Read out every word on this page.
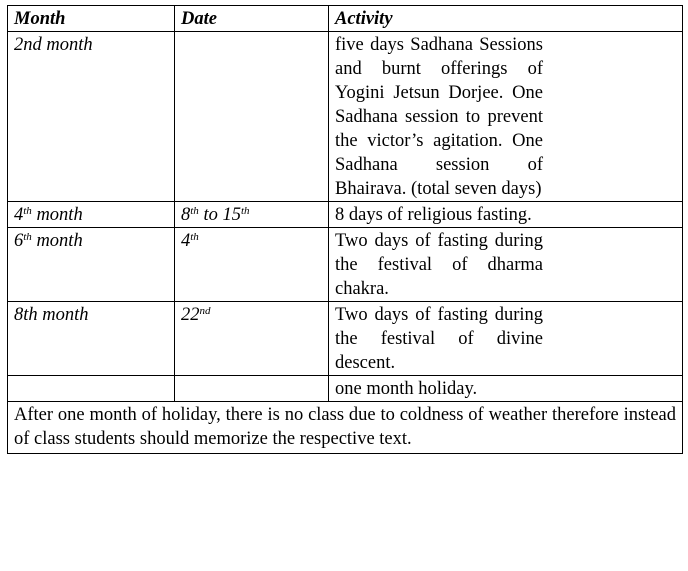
Month	Date	Activity
2nd month		five days Sadhana Sessions and burnt offerings of Yogini Jetsun Dorjee. One Sadhana session to prevent the victor’s agitation. One Sadhana session of Bhairava. (total seven days)

4th month	8th to 15th	8 days of religious fasting.

6th month	4th	Two days of fasting during the festival of dharma chakra.

8th month	22nd	Two days of fasting during the festival of divine descent.

		one month holiday.

After one month of holiday, there is no class due to coldness of weather therefore instead of class students should memorize the respective text.		
